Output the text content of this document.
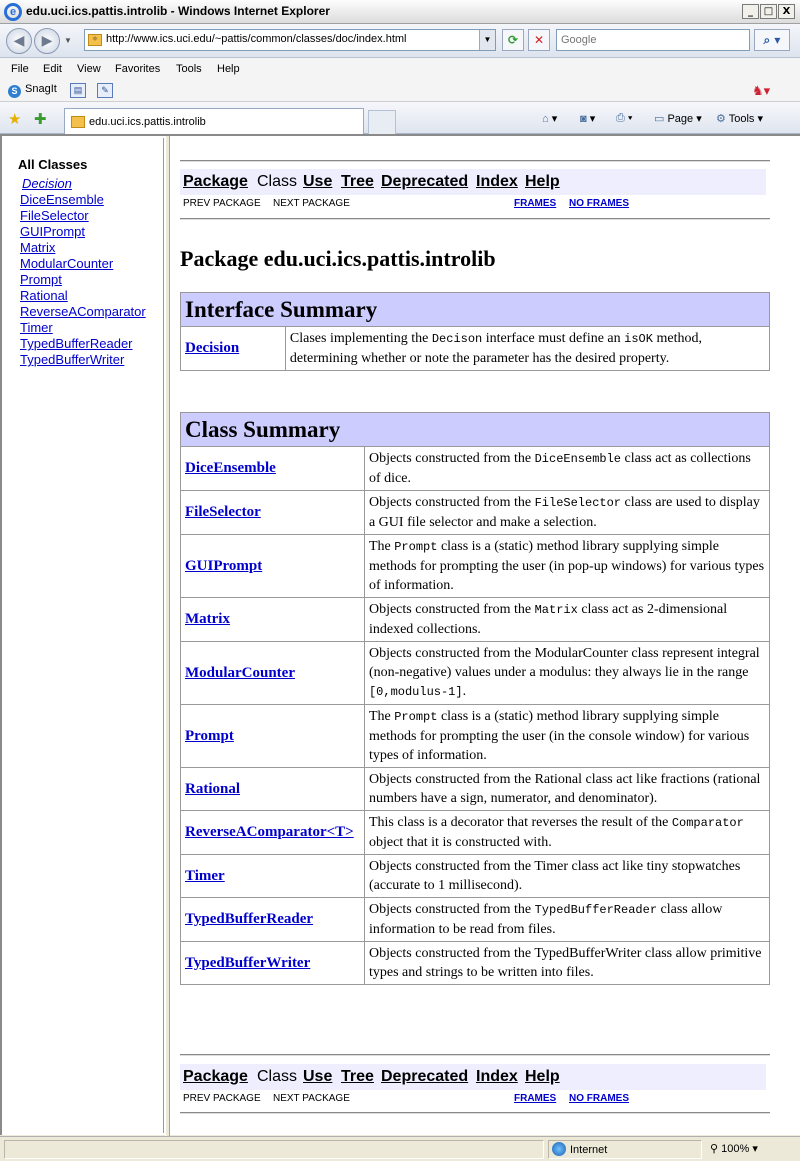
e edu.uci.ics.pattis.introlib - Windows Internet Explorer	_	□ X
◀	▶	▼	⚛ http://www.ics.uci.edu/~pattis/common/classes/doc/index.html	▼	⟳	✕
Google	⌕ ▾
File Edit View Favorites Tools Help
S SnagIt	▤	✎	♞▾
★ ✚	edu.uci.ics.pattis.introlib	⌂ ▾ ◙ ▾ ⎙ ▾ ▭ Page ▾ ⚙ Tools ▾
All Classes
Decision
DiceEnsemble
FileSelector
GUIPrompt
Matrix
ModularCounter
Prompt
Rational
ReverseAComparator
Timer
TypedBufferReader
TypedBufferWriter
Package Class Use Tree Deprecated Index Help
PREV PACKAGE NEXT PACKAGE	FRAMES NO FRAMES
Package edu.uci.ics.pattis.introlib
Interface Summary
Decision	Clases implementing the Decison interface must define an isOK method, determining whether or note the parameter has the desired property.
Class Summary	
DiceEnsemble	Objects constructed from the DiceEnsemble class act as collections of dice.
FileSelector	Objects constructed from the FileSelector class are used to display a GUI file selector and make a selection.
GUIPrompt	The Prompt class is a (static) method library supplying simple methods for prompting the user (in pop-up windows) for various types of information.
Matrix	Objects constructed from the Matrix class act as 2-dimensional indexed collections.
ModularCounter	Objects constructed from the ModularCounter class represent integral (non-negative) values under a modulus: they always lie in the range [0,modulus-1].
Prompt	The Prompt class is a (static) method library supplying simple methods for prompting the user (in the console window) for various types of information.
Rational	Objects constructed from the Rational class act like fractions (rational numbers have a sign, numerator, and denominator).
ReverseAComparator<T>	This class is a decorator that reverses the result of the Comparator object that it is constructed with.
Timer	Objects constructed from the Timer class act like tiny stopwatches (accurate to 1 millisecond).
TypedBufferReader	Objects constructed from the TypedBufferReader class allow information to be read from files.
TypedBufferWriter	Objects constructed from the TypedBufferWriter class allow primitive types and strings to be written into files.
Package Class Use Tree Deprecated Index Help
PREV PACKAGE NEXT PACKAGE	FRAMES NO FRAMES
Internet	⚲ 100% ▾
